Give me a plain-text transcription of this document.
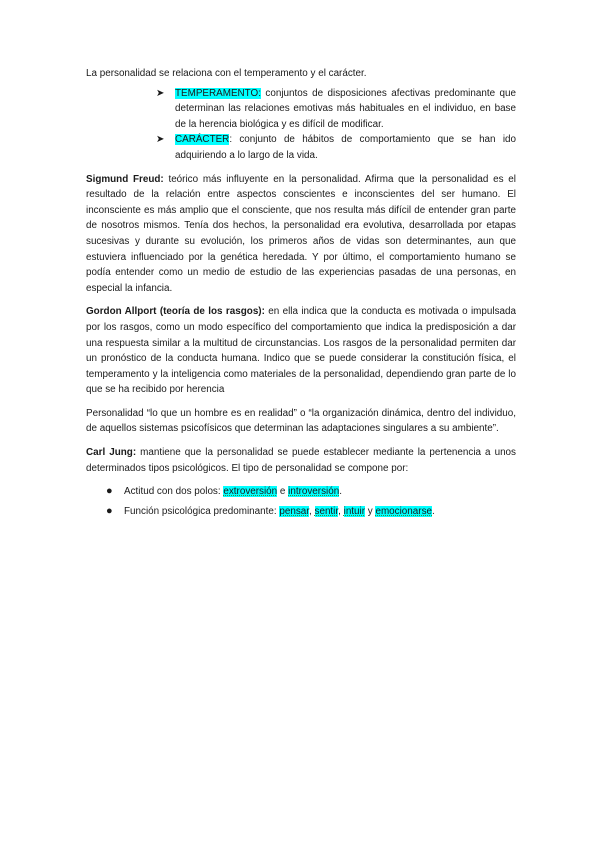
La personalidad se relaciona con el temperamento y el carácter.

➤ TEMPERAMENTO: conjuntos de disposiciones afectivas predominante que determinan las relaciones emotivas más habituales en el individuo, en base de la herencia biológica y es difícil de modificar.
➤ CARÁCTER: conjunto de hábitos de comportamiento que se han ido adquiriendo a lo largo de la vida.

Sigmund Freud: teórico más influyente en la personalidad. Afirma que la personalidad es el resultado de la relación entre aspectos conscientes e inconscientes del ser humano. El inconsciente es más amplio que el consciente, que nos resulta más difícil de entender gran parte de nosotros mismos. Tenía dos hechos, la personalidad era evolutiva, desarrollada por etapas sucesivas y durante su evolución, los primeros años de vidas son determinantes, aun que estuviera influenciado por la genética heredada. Y por último, el comportamiento humano se podía entender como un medio de estudio de las experiencias pasadas de una personas, en especial la infancia.

Gordon Allport (teoría de los rasgos): en ella indica que la conducta es motivada o impulsada por los rasgos, como un modo específico del comportamiento que indica la predisposición a dar una respuesta similar a la multitud de circunstancias. Los rasgos de la personalidad permiten dar un pronóstico de la conducta humana. Indico que se puede considerar la constitución física, el temperamento y la inteligencia como materiales de la personalidad, dependiendo gran parte de lo que se ha recibido por herencia

Personalidad “lo que un hombre es en realidad” o “la organización dinámica, dentro del individuo, de aquellos sistemas psicofísicos que determinan las adaptaciones singulares a su ambiente”.

Carl Jung: mantiene que la personalidad se puede establecer mediante la pertenencia a unos determinados tipos psicológicos. El tipo de personalidad se compone por:

● Actitud con dos polos: extroversión e introversión.
● Función psicológica predominante: pensar, sentir, intuir y emocionarse.
